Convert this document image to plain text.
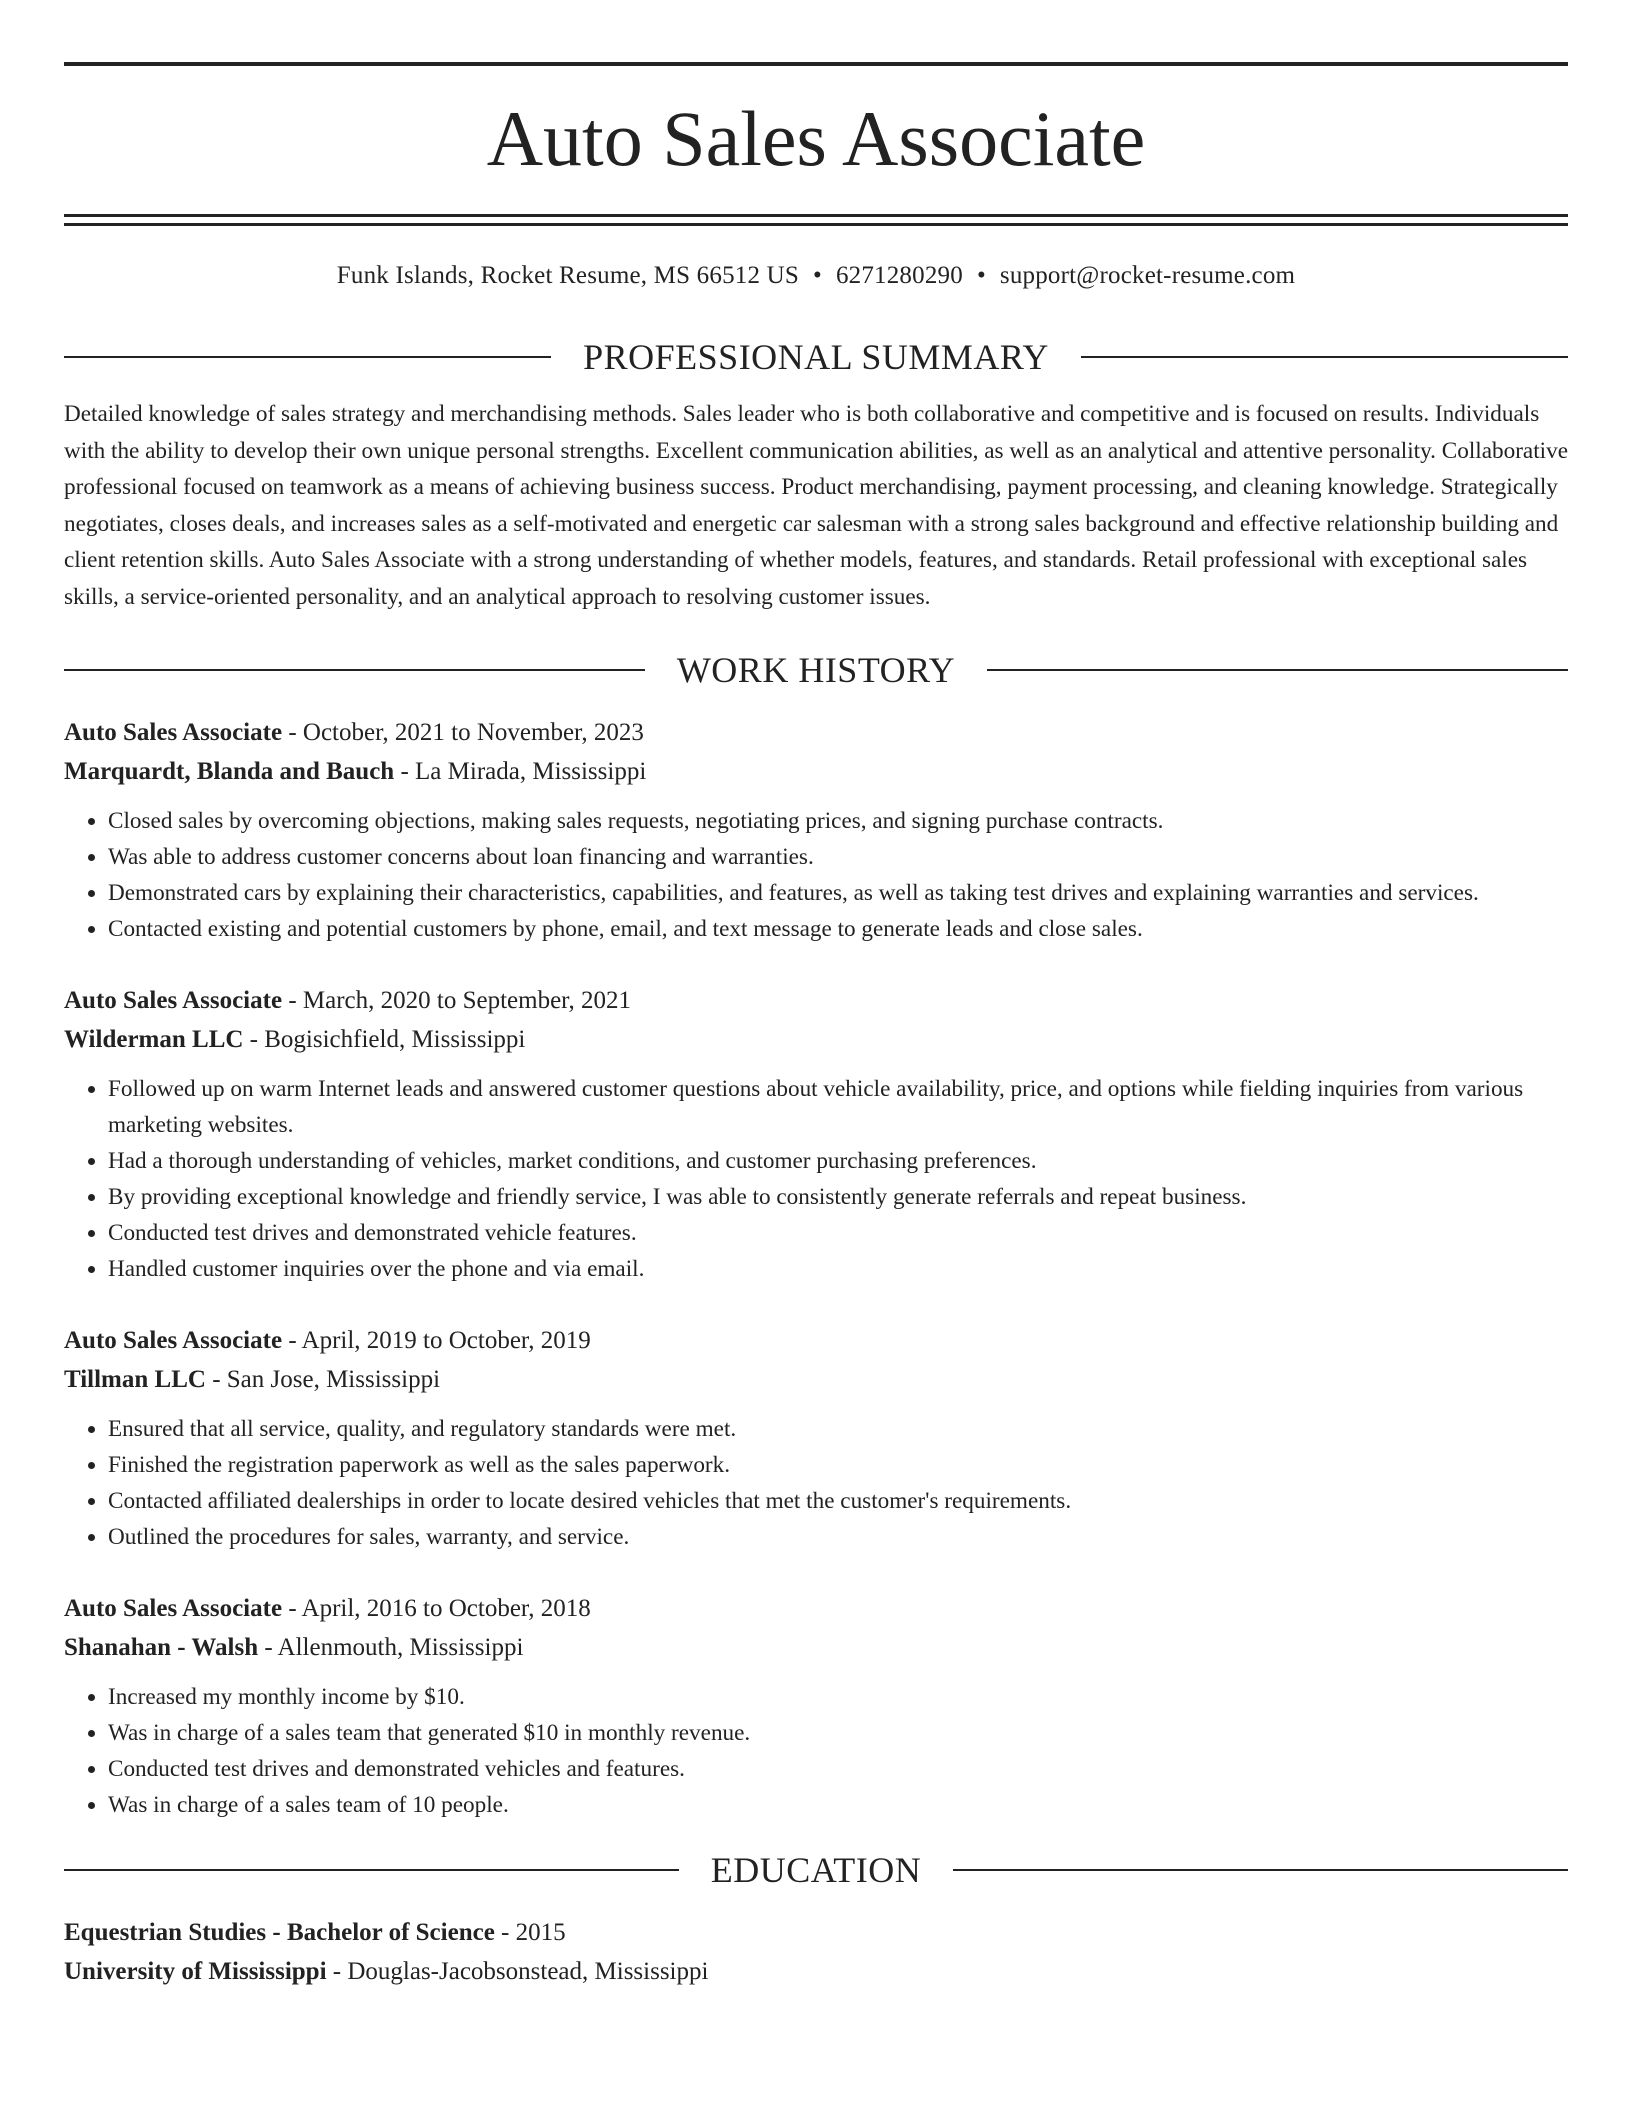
Auto Sales Associate
Funk Islands, Rocket Resume, MS 66512 US • 6271280290 • support@rocket-resume.com
PROFESSIONAL SUMMARY

Detailed knowledge of sales strategy and merchandising methods. Sales leader who is both collaborative and competitive and is focused on results. Individuals with the ability to develop their own unique personal strengths. Excellent communication abilities, as well as an analytical and attentive personality. Collaborative professional focused on teamwork as a means of achieving business success. Product merchandising, payment processing, and cleaning knowledge. Strategically negotiates, closes deals, and increases sales as a self-motivated and energetic car salesman with a strong sales background and effective relationship building and client retention skills. Auto Sales Associate with a strong understanding of whether models, features, and standards. Retail professional with exceptional sales skills, a service-oriented personality, and an analytical approach to resolving customer issues.

WORK HISTORY
Auto Sales Associate - October, 2021 to November, 2023
Marquardt, Blanda and Bauch - La Mirada, Mississippi
• Closed sales by overcoming objections, making sales requests, negotiating prices, and signing purchase contracts.
• Was able to address customer concerns about loan financing and warranties.
• Demonstrated cars by explaining their characteristics, capabilities, and features, as well as taking test drives and explaining warranties and services.
• Contacted existing and potential customers by phone, email, and text message to generate leads and close sales.
Auto Sales Associate - March, 2020 to September, 2021
Wilderman LLC - Bogisichfield, Mississippi
• Followed up on warm Internet leads and answered customer questions about vehicle availability, price, and options while fielding inquiries from various marketing websites.
• Had a thorough understanding of vehicles, market conditions, and customer purchasing preferences.
• By providing exceptional knowledge and friendly service, I was able to consistently generate referrals and repeat business.
• Conducted test drives and demonstrated vehicle features.
• Handled customer inquiries over the phone and via email.
Auto Sales Associate - April, 2019 to October, 2019
Tillman LLC - San Jose, Mississippi
• Ensured that all service, quality, and regulatory standards were met.
• Finished the registration paperwork as well as the sales paperwork.
• Contacted affiliated dealerships in order to locate desired vehicles that met the customer's requirements.
• Outlined the procedures for sales, warranty, and service.
Auto Sales Associate - April, 2016 to October, 2018
Shanahan - Walsh - Allenmouth, Mississippi
• Increased my monthly income by $10.
• Was in charge of a sales team that generated $10 in monthly revenue.
• Conducted test drives and demonstrated vehicles and features.
• Was in charge of a sales team of 10 people.
EDUCATION
Equestrian Studies - Bachelor of Science - 2015
University of Mississippi - Douglas-Jacobsonstead, Mississippi
